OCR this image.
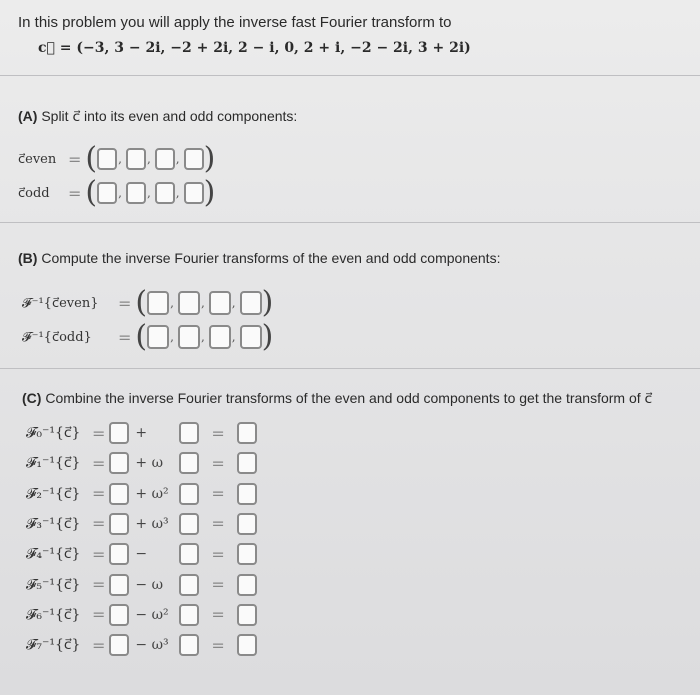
In this problem you will apply the inverse fast Fourier transform to
c⃗ = (−3, 3 − 2i, −2 + 2i, 2 − i, 0, 2 + i, −2 − 2i, 3 + 2i)
(A) Split c⃗ into its even and odd components:
c⃗even = ( , , , )
c⃗odd	= ( , , , )
(B) Compute the inverse Fourier transforms of the even and odd components:
𝓕⁻¹{c⃗even}	= ( , , , )
𝓕⁻¹{c⃗odd}	= ( , , , )
(C) Combine the inverse Fourier transforms of the even and odd components to get the transform of c⃗
𝓕₀⁻¹{c⃗} = +	=
𝓕₁⁻¹{c⃗} = + ω	=
𝓕₂⁻¹{c⃗} = + ω²	=
𝓕₃⁻¹{c⃗} = + ω³	=
𝓕₄⁻¹{c⃗} = −	=
𝓕₅⁻¹{c⃗} = − ω	=
𝓕₆⁻¹{c⃗} = − ω²	=
𝓕₇⁻¹{c⃗} = − ω³	=
